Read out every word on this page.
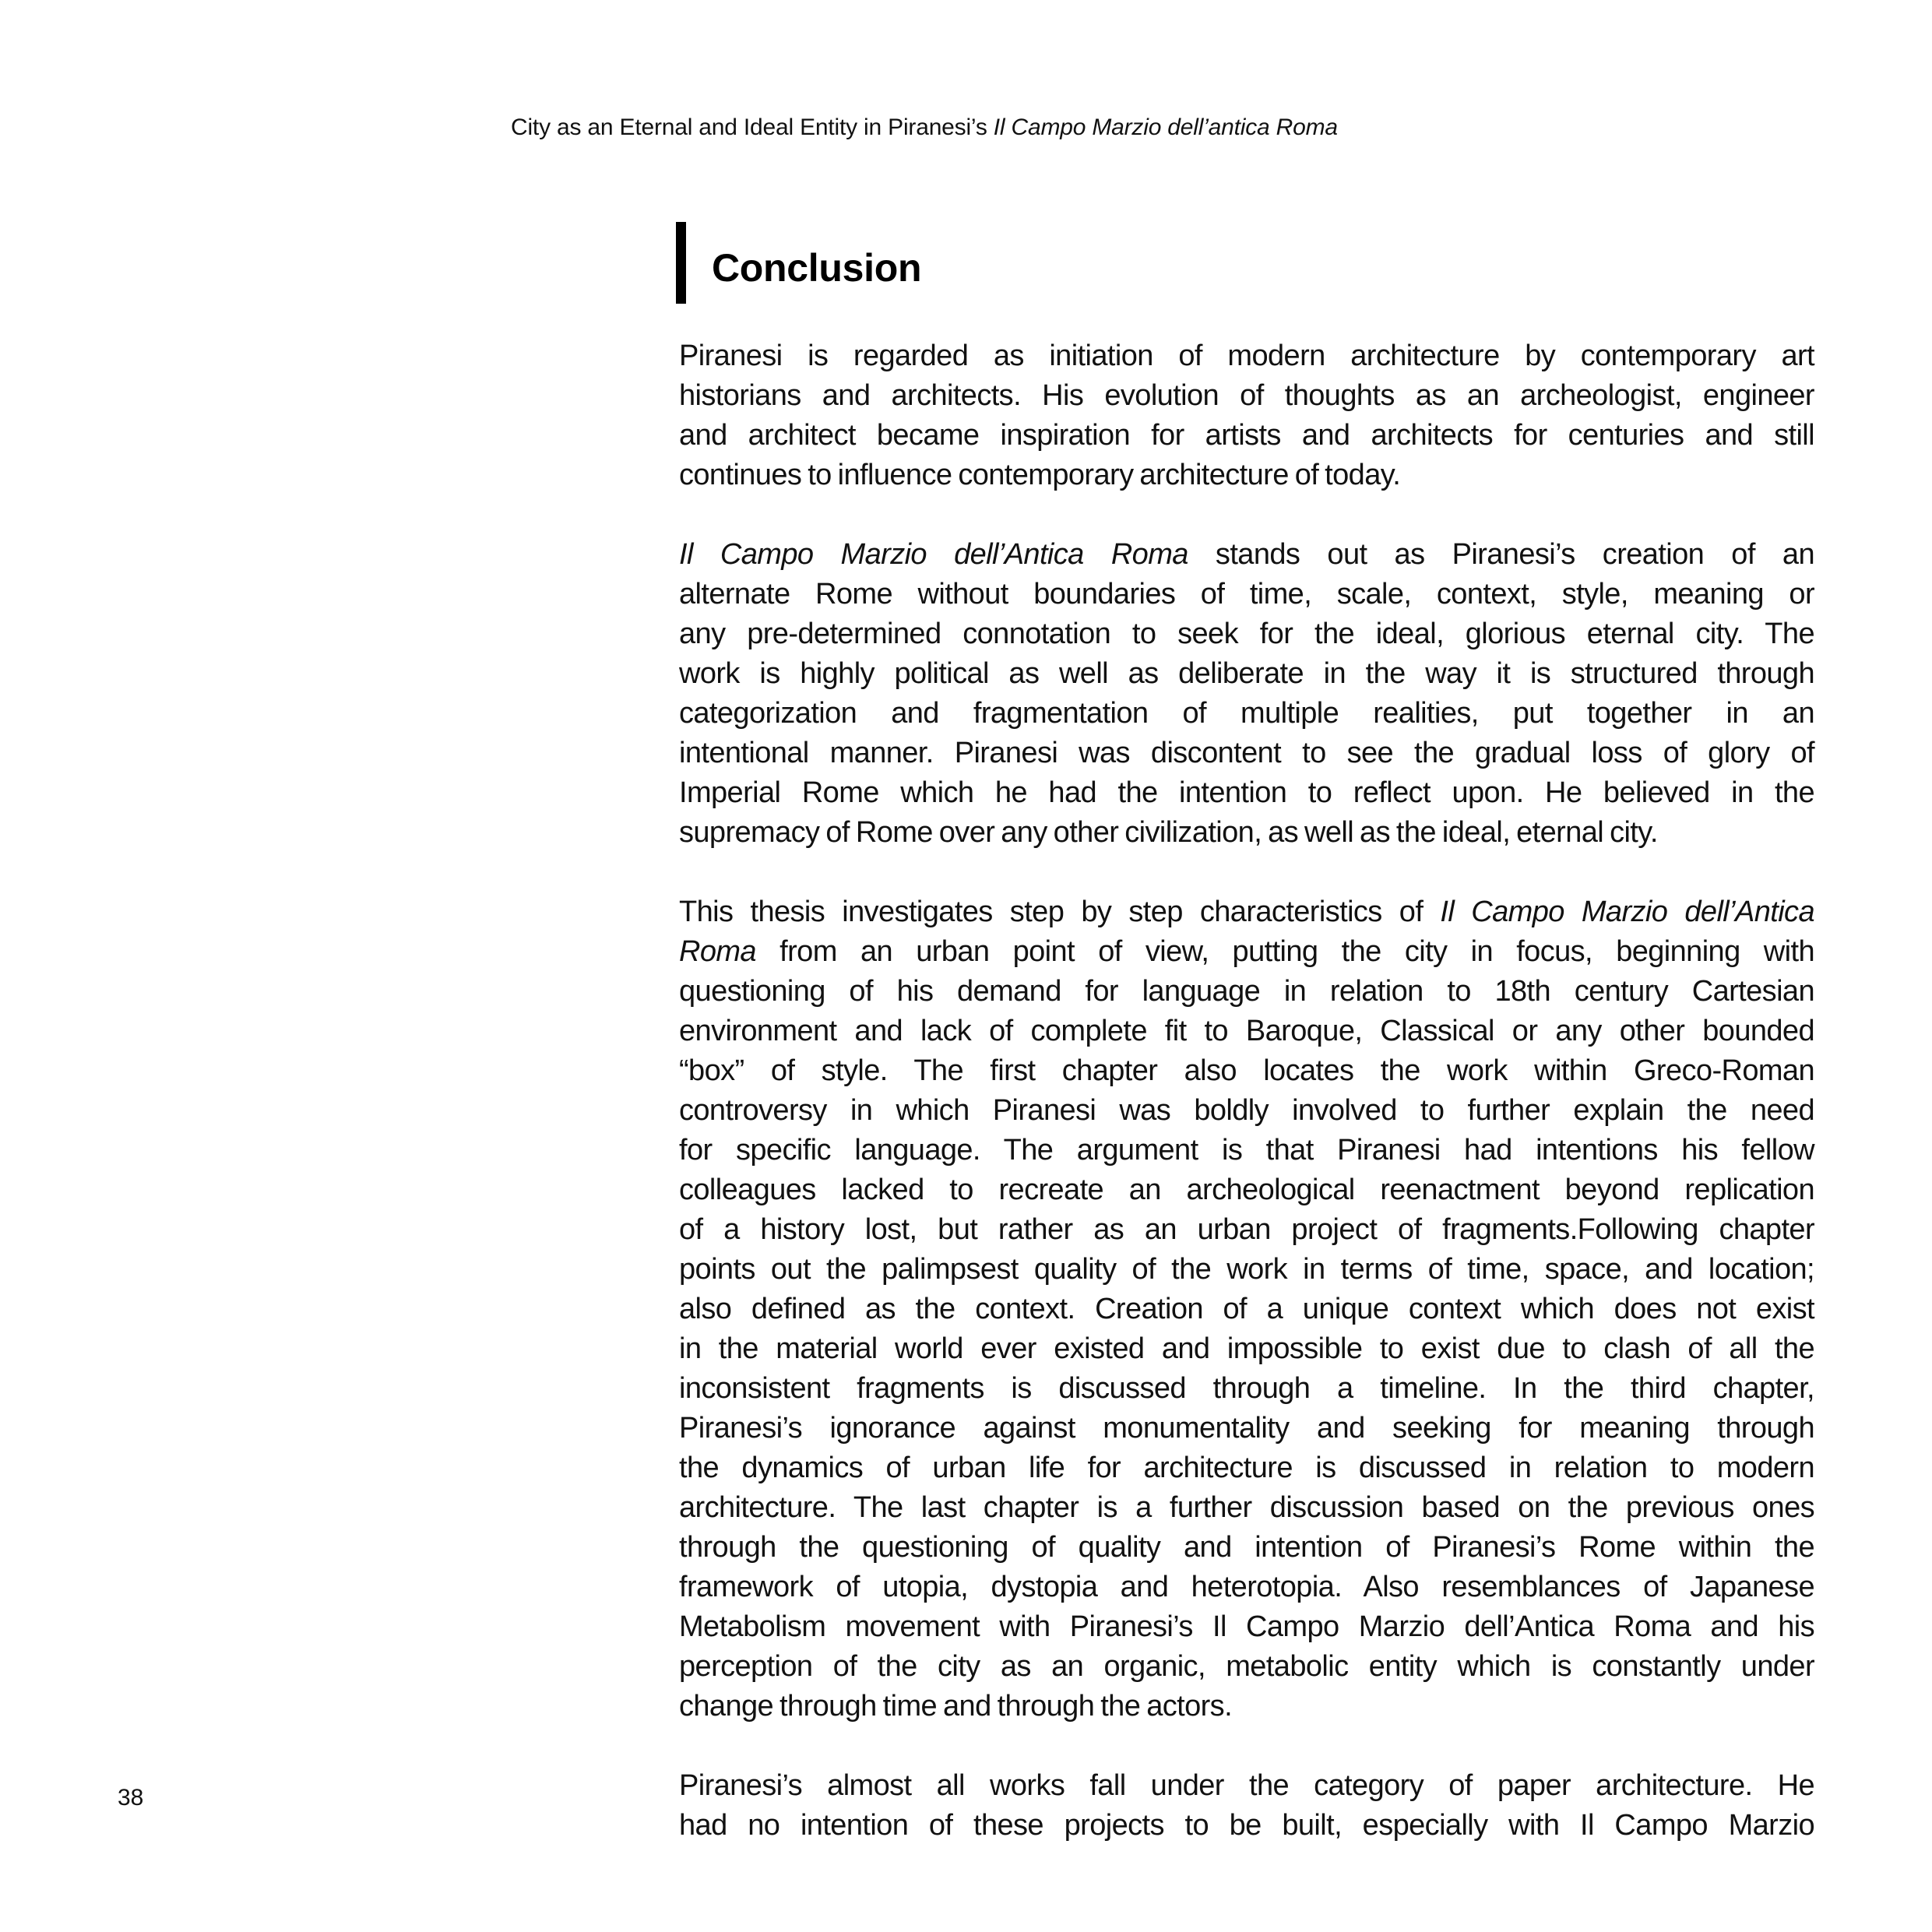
City as an Eternal and Ideal Entity in Piranesi’s Il Campo Marzio dell’antica Roma
Conclusion

Piranesi is regarded as initiation of modern architecture by contemporary art
historians and architects. His evolution of thoughts as an archeologist, engineer
and architect became inspiration for artists and architects for centuries and still
continues to influence contemporary architecture of today.

Il Campo Marzio dell’Antica Roma stands out as Piranesi’s creation of an
alternate Rome without boundaries of time, scale, context, style, meaning or
any pre-determined connotation to seek for the ideal, glorious eternal city. The
work is highly political as well as deliberate in the way it is structured through
categorization and fragmentation of multiple realities, put together in an
intentional manner. Piranesi was discontent to see the gradual loss of glory of
Imperial Rome which he had the intention to reflect upon. He believed in the
supremacy of Rome over any other civilization, as well as the ideal, eternal city.

This thesis investigates step by step characteristics of Il Campo Marzio dell’Antica
Roma from an urban point of view, putting the city in focus, beginning with
questioning of his demand for language in relation to 18th century Cartesian
environment and lack of complete fit to Baroque, Classical or any other bounded
“box” of style. The first chapter also locates the work within Greco-Roman
controversy in which Piranesi was boldly involved to further explain the need
for specific language. The argument is that Piranesi had intentions his fellow
colleagues lacked to recreate an archeological reenactment beyond replication
of a history lost, but rather as an urban project of fragments.Following chapter
points out the palimpsest quality of the work in terms of time, space, and location;
also defined as the context. Creation of a unique context which does not exist
in the material world ever existed and impossible to exist due to clash of all the
inconsistent fragments is discussed through a timeline. In the third chapter,
Piranesi’s ignorance against monumentality and seeking for meaning through
the dynamics of urban life for architecture is discussed in relation to modern
architecture. The last chapter is a further discussion based on the previous ones
through the questioning of quality and intention of Piranesi’s Rome within the
framework of utopia, dystopia and heterotopia. Also resemblances of Japanese
Metabolism movement with Piranesi’s Il Campo Marzio dell’Antica Roma and his
perception of the city as an organic, metabolic entity which is constantly under
change through time and through the actors.

Piranesi’s almost all works fall under the category of paper architecture. He
had no intention of these projects to be built, especially with Il Campo Marzio

38
